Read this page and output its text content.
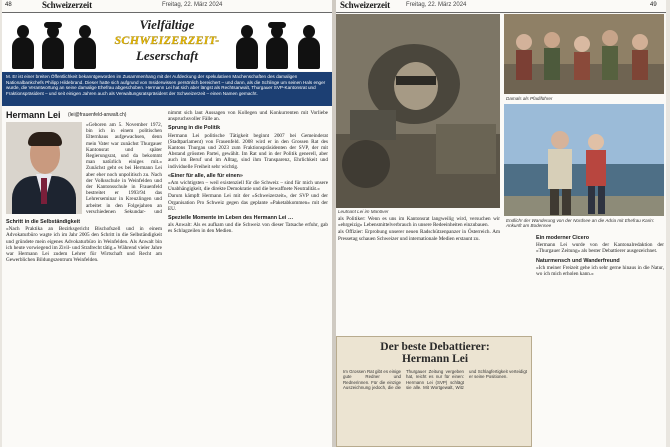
48	Schweizerzeit	Freitag, 22. März 2024
Vielfältige
SCHWEIZERZEIT-
Leserschaft
M. Er ist einer breiten Öffentlichkeit bekanntgeworden im Zusammenhang mit der Aufdeckung der spekulativen Machenschaften des damaligen Nationalbankchefs Philipp Hildebrand. Dieser hatte sich aufgrund von Insiderwissen persönlich bereichert – und dann, als die Schlinge um seinen Hals enger wurde, die Verantwortung an seine damalige Ehefrau abgeschoben. Hermann Lei hat sich aber längst als Rechtsanwalt, Thurgauer SVP-Kantonsrat und Fraktionspräsident – und seit einigen Jahren auch als Verwaltungsratspräsident der Schweizerzeit – einen Namen gemacht.
Hermann Lei (lei@frauenfeld-anwalt.ch)

«Geboren am 5. November 1972, bin ich in einem politischen Elternhaus aufgewachsen, denn mein Vater war zunächst Thurgauer Kantonsrat und später Regierungsrat, und da bekommt man natürlich einiges mit.» Zunächst geht es bei Hermann Lei aber eher noch unpolitisch zu. Nach der Volksschule in Weinfelden und der Kantonsschule in Frauenfeld bestreitet er 1993/94 das Lehrerseminar in Kreuzlingen und arbeitet in den Folgejahren an verschiedenen Sekundar- und

Schritt in die Selbständigkeit

«Nach Praktika an Bezirksgericht Bischofszell und in einem Advokaturbüro wagte ich im Jahr 2005 den Schritt in die Selbständigkeit und gründete mein eigenes Advokaturbüro in Weinfelden. Als Anwalt bin ich heute vorwiegend im Zivil- und Strafrecht tätig.» Während vieler Jahre war Hermann Lei zudem Lehrer für Wirtschaft und Recht am Gewerblichen Bildungszentrum Weinfelden.

nimmt sich laut Aussagen von Kollegen und Konkurrenten mit Vorliebe anspruchsvoller Fälle an.

Sprung in die Politik

Hermann Lei politische Tätigkeit beginnt 2007 bei Gemeinderat (Stadtparlament) von Frauenfeld. 2008 wird er in den Grossen Rat des Kantons Thurgau und 2023 zum Fraktionspräsidenten der SVP, der mit Abstand grössten Partei, gewählt. Im Rat und in der Politik generell, aber auch im Beruf und im Alltag, sind ihm Transparenz, Ehrlichkeit und individuelle Freiheit sehr wichtig.

«Einer für alle, alle für einen»

«Am wichtigsten – weil existenziell für die Schweiz – sind für mich unsere Unabhängigkeit, die direkte Demokratie und die bewaffnete Neutralität.»

Darum kämpft Hermann Lei mit der «Schweizerzeit», der SVP und der Organisation Pro Schweiz gegen das geplante «Paketabkommen» mit der EU.

Spezielle Momente im Leben des Hermann Lei …

als Anwalt: Als es aufkam und die Schweiz von dieser Tatsache erfuhr, gab es Schlagzeilen in den Medien.

Schweizerzeit	Freitag, 22. März 2024	49
Leutnant Lei im Manöver
Damals als Pfadiführer
Endlich! der Wanderung von der Nordsee an die Adria mit Ehefrau Karin: Ankunft am Bodensee

als Politiker: Wenn es uns im Kantonsrat langweilig wird, versuchen wir «ehrgeizig» Lebensmittelverbrauch in unsere Redeeinheiten einzubauen.

als Offizier: Erprobung unserer neuen Radschützenpanzer in Österreich. Am Pressetag schauen Schweizer und internationale Medien erstaunt zu.	Ein moderner Cicero

Hermann Lei wurde von der Kantonalredaktion der «Thurgauer Zeitung» als bester Debattierer ausgezeichnet.

Naturmensch und Wanderfreund

«Ich meiner Freizeit gehe ich sehr gerne hinaus in die Natur, wo ich mich erholen kann.»

Der beste Debattierer:
Hermann Lei
Im Grossen Rat gibt es einige gute Redner und Rednerinnen. Für die einzige Auszeichnung jedoch, die die Thurgauer Zeitung vergeben hat, reicht es nur für einen: Hermann Lei (SVP) schlägt sie alle. Mit Wortgewalt, Witz und Schlagfertigkeit verteidigt er seine Positionen.
